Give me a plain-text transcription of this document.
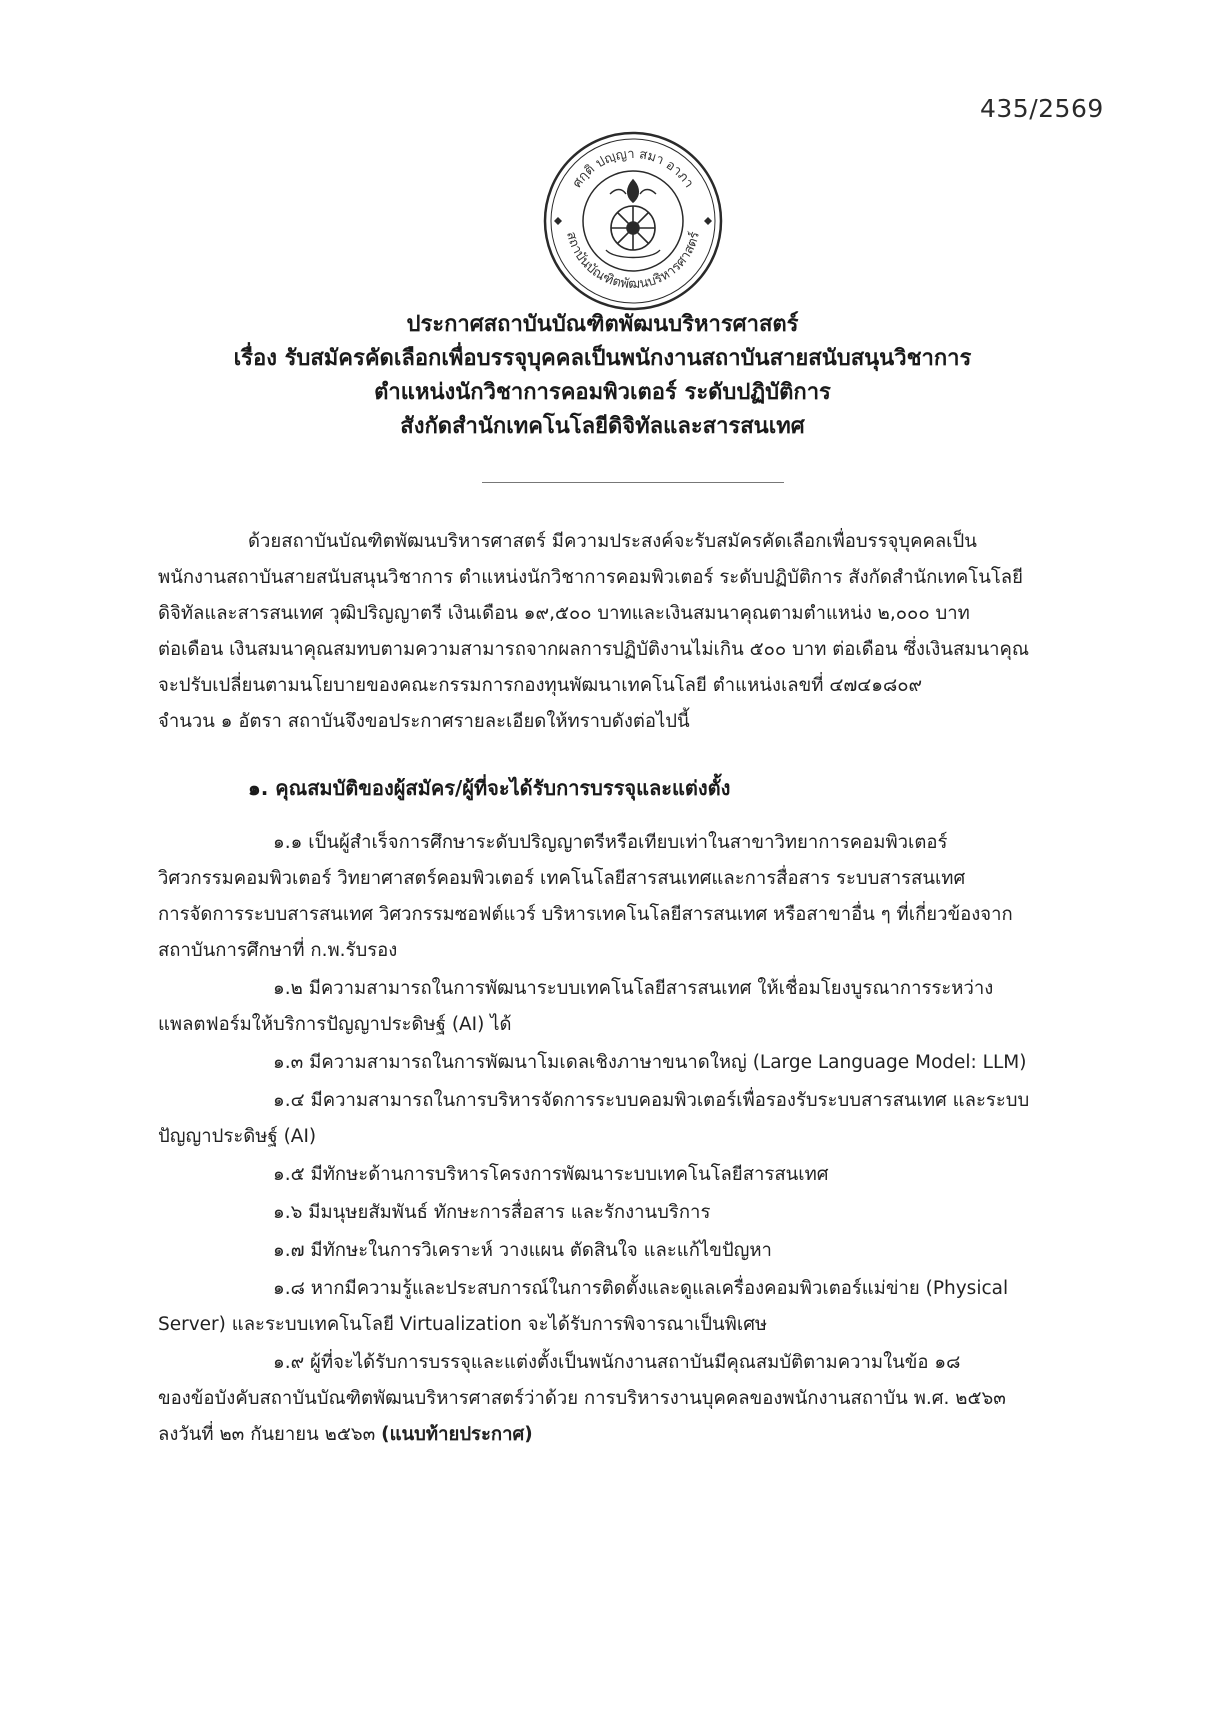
435/2569
ศกฺติ ปญฺญา สมา อาภา
สถาบันบัณฑิตพัฒนบริหารศาสตร์
ประกาศสถาบันบัณฑิตพัฒนบริหารศาสตร์
เรื่อง รับสมัครคัดเลือกเพื่อบรรจุบุคคลเป็นพนักงานสถาบันสายสนับสนุนวิชาการ
ตำแหน่งนักวิชาการคอมพิวเตอร์ ระดับปฏิบัติการ
สังกัดสำนักเทคโนโลยีดิจิทัลและสารสนเทศ
ด้วยสถาบันบัณฑิตพัฒนบริหารศาสตร์ มีความประสงค์จะรับสมัครคัดเลือกเพื่อบรรจุบุคคลเป็น
พนักงานสถาบันสายสนับสนุนวิชาการ ตำแหน่งนักวิชาการคอมพิวเตอร์ ระดับปฏิบัติการ สังกัดสำนักเทคโนโลยี
ดิจิทัลและสารสนเทศ วุฒิปริญญาตรี เงินเดือน ๑๙,๕๐๐ บาทและเงินสมนาคุณตามตำแหน่ง ๒,๐๐๐ บาท
ต่อเดือน เงินสมนาคุณสมทบตามความสามารถจากผลการปฏิบัติงานไม่เกิน ๕๐๐ บาท ต่อเดือน ซึ่งเงินสมนาคุณ
จะปรับเปลี่ยนตามนโยบายของคณะกรรมการกองทุนพัฒนาเทคโนโลยี ตำแหน่งเลขที่ ๔๗๔๑๘๐๙
จำนวน ๑ อัตรา สถาบันจึงขอประกาศรายละเอียดให้ทราบดังต่อไปนี้
๑. คุณสมบัติของผู้สมัคร/ผู้ที่จะได้รับการบรรจุและแต่งตั้ง
๑.๑ เป็นผู้สำเร็จการศึกษาระดับปริญญาตรีหรือเทียบเท่าในสาขาวิทยาการคอมพิวเตอร์
วิศวกรรมคอมพิวเตอร์ วิทยาศาสตร์คอมพิวเตอร์ เทคโนโลยีสารสนเทศและการสื่อสาร ระบบสารสนเทศ
การจัดการระบบสารสนเทศ วิศวกรรมซอฟต์แวร์ บริหารเทคโนโลยีสารสนเทศ หรือสาขาอื่น ๆ ที่เกี่ยวข้องจาก
สถาบันการศึกษาที่ ก.พ.รับรอง
๑.๒ มีความสามารถในการพัฒนาระบบเทคโนโลยีสารสนเทศ ให้เชื่อมโยงบูรณาการระหว่าง
แพลตฟอร์มให้บริการปัญญาประดิษฐ์ (AI) ได้
๑.๓ มีความสามารถในการพัฒนาโมเดลเชิงภาษาขนาดใหญ่ (Large Language Model: LLM)
๑.๔ มีความสามารถในการบริหารจัดการระบบคอมพิวเตอร์เพื่อรองรับระบบสารสนเทศ และระบบ
ปัญญาประดิษฐ์ (AI)
๑.๕ มีทักษะด้านการบริหารโครงการพัฒนาระบบเทคโนโลยีสารสนเทศ
๑.๖ มีมนุษยสัมพันธ์ ทักษะการสื่อสาร และรักงานบริการ
๑.๗ มีทักษะในการวิเคราะห์ วางแผน ตัดสินใจ และแก้ไขปัญหา
๑.๘ หากมีความรู้และประสบการณ์ในการติดตั้งและดูแลเครื่องคอมพิวเตอร์แม่ข่าย (Physical
Server) และระบบเทคโนโลยี Virtualization จะได้รับการพิจารณาเป็นพิเศษ
๑.๙ ผู้ที่จะได้รับการบรรจุและแต่งตั้งเป็นพนักงานสถาบันมีคุณสมบัติตามความในข้อ ๑๘
ของข้อบังคับสถาบันบัณฑิตพัฒนบริหารศาสตร์ว่าด้วย การบริหารงานบุคคลของพนักงานสถาบัน พ.ศ. ๒๕๖๓
ลงวันที่ ๒๓ กันยายน ๒๕๖๓ (แนบท้ายประกาศ)
